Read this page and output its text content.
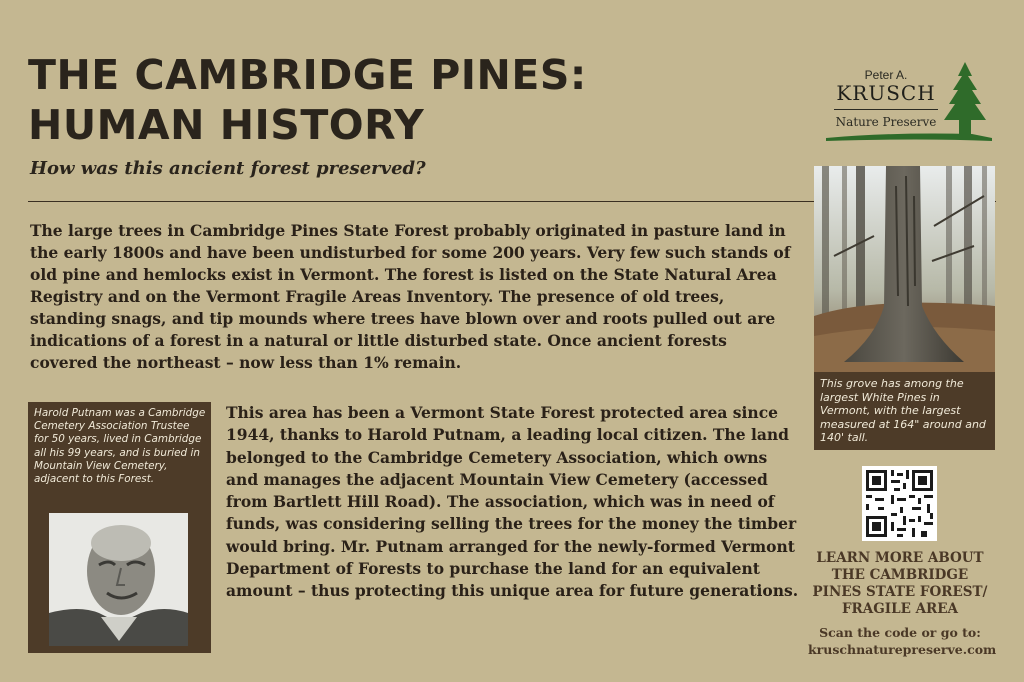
THE CAMBRIDGE PINES:
HUMAN HISTORY

How was this ancient forest preserved?

Peter A.
KRUSCH
Nature Preserve

The large trees in Cambridge Pines State Forest probably originated in pasture land in the early 1800s and have been undisturbed for some 200 years. Very few such stands of old pine and hemlocks exist in Vermont. The forest is listed on the State Natural Area Registry and on the Vermont Fragile Areas Inventory. The presence of old trees, standing snags, and tip mounds where trees have blown over and roots pulled out are indications of a forest in a natural or little disturbed state. Once ancient forests covered the northeast – now less than 1% remain.

This grove has among the largest White Pines in Vermont, with the largest measured at 164" around and 140' tall.
Harold Putnam was a Cambridge Cemetery Association Trustee for 50 years, lived in Cambridge all his 99 years, and is buried in Mountain View Cemetery, adjacent to this Forest.

This area has been a Vermont State Forest protected area since 1944, thanks to Harold Putnam, a leading local citizen. The land belonged to the Cambridge Cemetery Association, which owns and manages the adjacent Mountain View Cemetery (accessed from Bartlett Hill Road). The association, which was in need of funds, was considering selling the trees for the money the timber would bring. Mr. Putnam arranged for the newly-formed Vermont Department of Forests to purchase the land for an equivalent amount – thus protecting this unique area for future generations.

LEARN MORE ABOUT THE CAMBRIDGE PINES STATE FOREST/ FRAGILE AREA

Scan the code or go to:
kruschnaturepreserve.com
